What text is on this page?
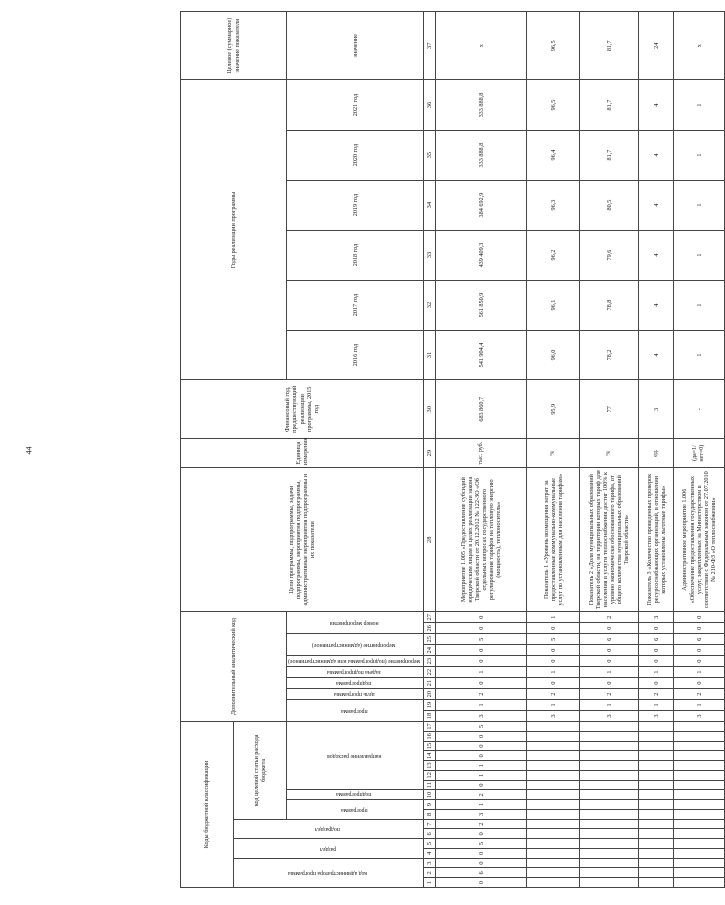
44
Коды бюджетной классификации																	Дополнительный аналитический код										Цели программы, подпрограммы, задачи подпрограммы, мероприятия подпрограммы, административные мероприятия подпрограммы и их показатели	Единица измерения	Финансовый год, предшествующий реализации программы, 2015 год	Годы реализации программы						Целевое (суммарное) значение показателя
код администратора программы			раздел		подраздел		код целевой статьи расхода бюджета																													
							программа		подпрограмма	направление расходов							программа		цель программы	подпрограмма	задача подпрограммы	мероприятие (подпрограммы или административное)	мероприятие (административное)		номер мероприятия					2016 год	2017 год	2018 год	2019 год	2020 год	2021 год	значение
1	2	3	4	5	6	7	8	9	10	11	12	13	14	15	16	17	18	19	20	21	22	23	24	25	26	27	28	29	30	31	32	33	34	35	36	37
0	6	0	0	5	0	2	3	1	2	0	1	1	0	0	0	5	3	1	2	0	1	0	0	5	0	0	Мероприятие 1.005 «Предоставление субсидий юридическим лицам в целях реализации закона Тверской области от 20.12.2012 № 122-ЗО «Об отдельных вопросах государственного регулирования тарифов на тепловую энергию (мощность), теплоноситель»	тыс. руб.	683 860,7	541 904,4	561 850,9	439 409,3	384 692,9	333 888,8	333 888,8	x
																	3	1	2	0	1	0	0	5	0	1	Показатель 1 «Уровень возмещения затрат за предоставленные коммунально-коммунальные услуг по установленным для населения тарифам»	%	95,9	96,0	96,1	96,2	96,3	96,4	96,5	96,5
																	3	1	2	0	1	0	0	6	0	2	Показатель 2 «Доля муниципальных образований Тверской области, на территории которых тариф для населения в услуги теплоснабжения достиг 100% к уровню экономически обоснованного тарифа, от общего количества муниципальных образований Тверской области»	%	77	78,2	78,8	79,6	80,5	81,7	81,7	81,7
																	3	1	2	0	1	0	0	6	0	3	Показатель 3 «Количество проведенных проверок ресурсоснабжающих организаций, в отношении которых установлены льготные тарифы»	ед.	3	4	4	4	4	4	4	24
																	3	1	2	0	1	0	0	6	0	0	Административное мероприятие 1.006 «Обеспечение предоставления государственных услуг, закрепленных за Министерством в соответствии с Федеральным законом от 27.07.2010 № 210-ФЗ «О теплоснабжении»	(да=1/нет=0)	-	1	1	1	1	1	1	x
